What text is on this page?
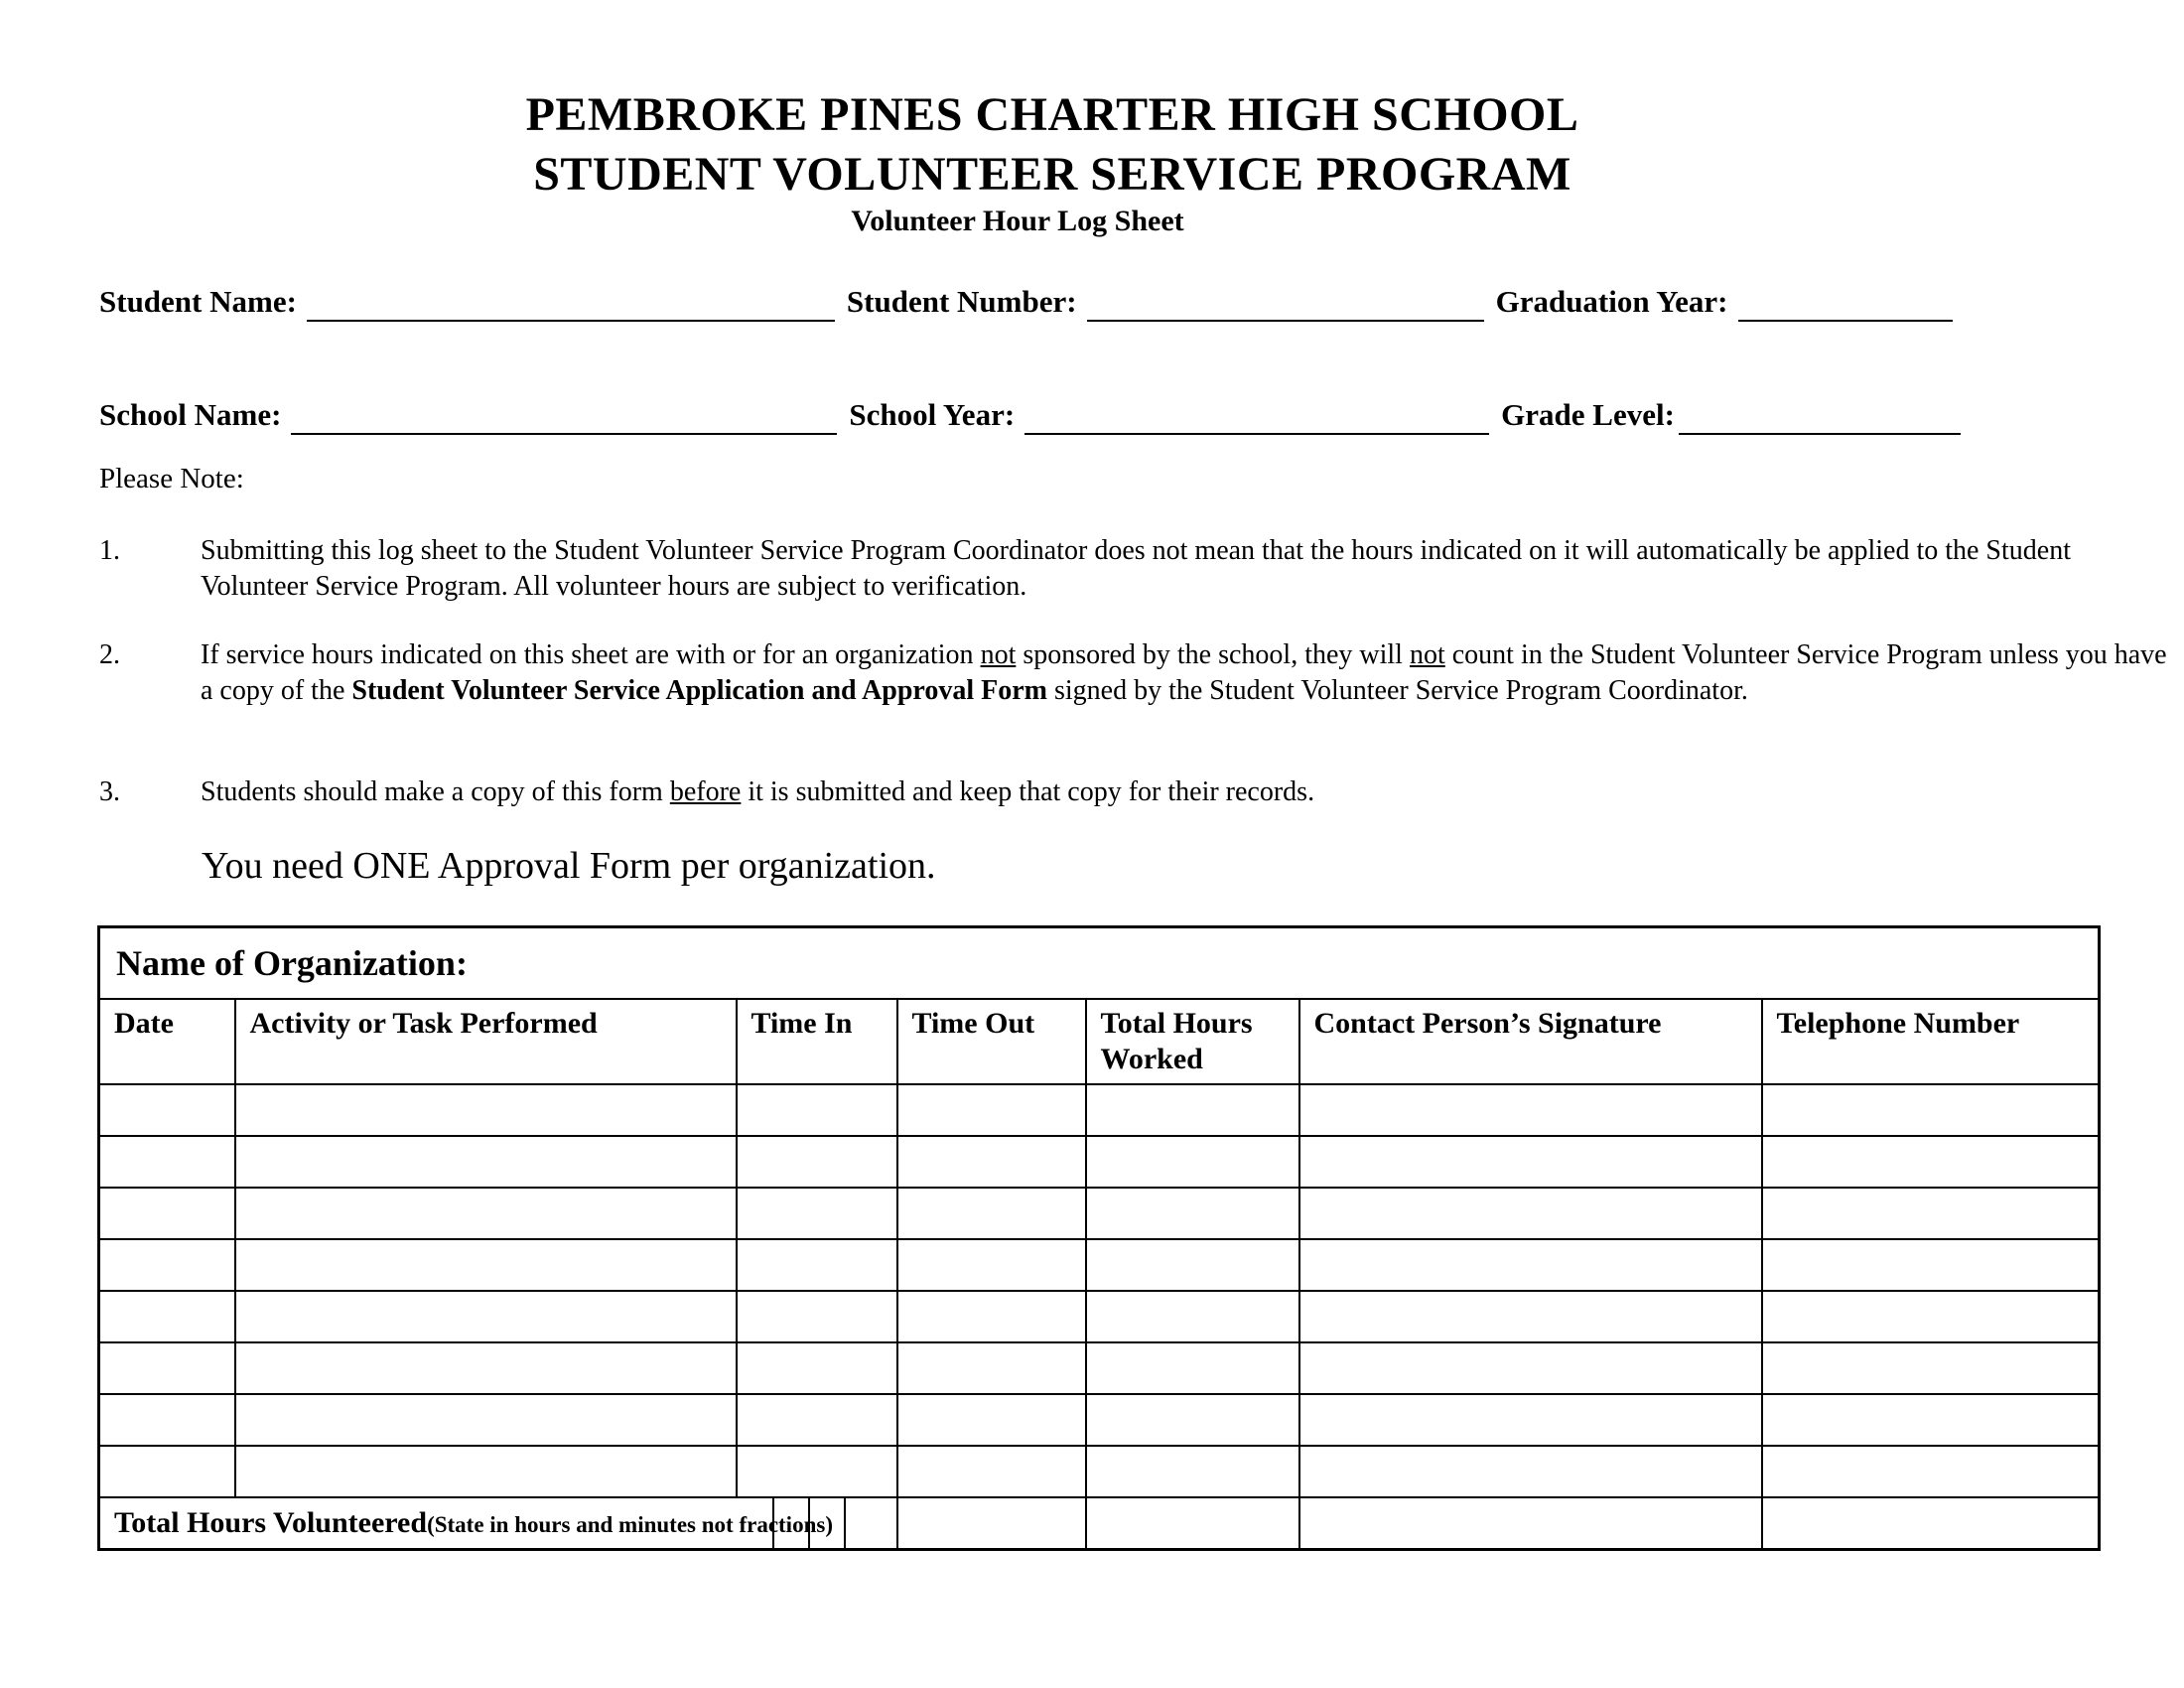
PEMBROKE PINES CHARTER HIGH SCHOOL
STUDENT VOLUNTEER SERVICE PROGRAM
Volunteer Hour Log Sheet
Student Name:	Student Number:	Graduation Year:
School Name:	School Year:	Grade Level:
Please Note:
1.	Submitting this log sheet to the Student Volunteer Service Program Coordinator does not mean that the hours indicated on it will automatically be applied to the Student Volunteer Service Program. All volunteer hours are subject to verification.
2.	If service hours indicated on this sheet are with or for an organization not sponsored by the school, they will not count in the Student Volunteer Service Program unless you have a copy of the Student Volunteer Service Application and Approval Form signed by the Student Volunteer Service Program Coordinator.
3.	Students should make a copy of this form before it is submitted and keep that copy for their records.
You need ONE Approval Form per organization.
Name of Organization:									
Date	Activity or Task Performed	Time In				Time Out	Total Hours Worked	Contact Person’s Signature	Telephone Number

Total Hours Volunteered(State in hours and minutes not fractions)									
